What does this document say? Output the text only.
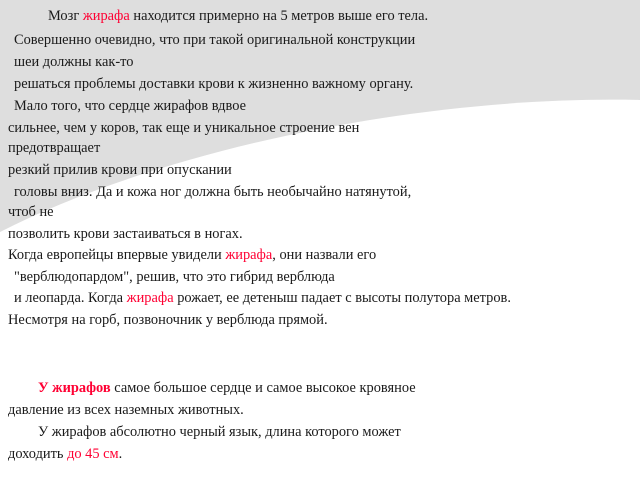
Мозг жирафа находится примерно на 5 метров выше его тела.
Совершенно очевидно, что при такой оригинальной конструкции
шеи должны как-то
решаться проблемы доставки крови к жизненно важному органу.
Мало того, что сердце жирафов вдвое
сильнее, чем у коров, так еще и уникальное строение вен
предотвращает
резкий прилив крови при опускании
головы вниз. Да и кожа ног должна быть необычайно натянутой,
чтоб не
позволить крови застаиваться в ногах.
Когда европейцы впервые увидели жирафа, они назвали его
"верблюдопардом", решив, что это гибрид верблюда
и леопарда. Когда жирафа рожает, ее детеныш падает с высоты полутора метров.
Несмотря на горб, позвоночник у верблюда прямой.
У жирафов самое большое сердце и самое высокое кровяное
давление из всех наземных животных.
У жирафов абсолютно черный язык, длина которого может
доходить до 45 см.
